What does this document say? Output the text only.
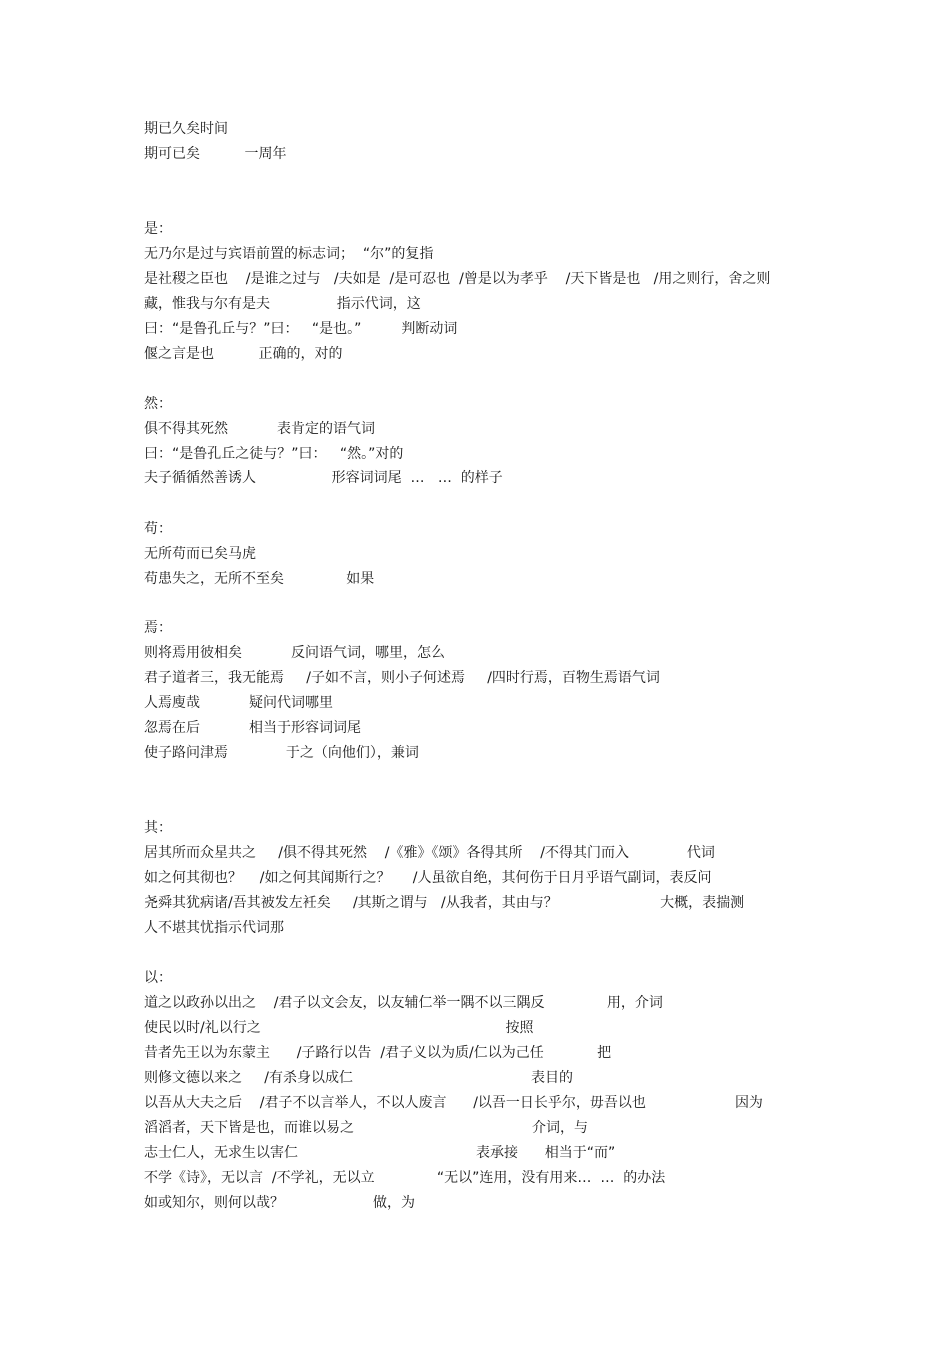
期已久矣时间
期可已矣          一周年
是：
无乃尔是过与宾语前置的标志词；  “尔”的复指
是社稷之臣也    /是谁之过与   /夫如是  /是可忍也  /曾是以为孝乎    /天下皆是也   /用之则行，舍之则
藏，惟我与尔有是夫               指示代词，这
曰：“是鲁孔丘与？”曰：   “是也。”         判断动词
偃之言是也          正确的，对的
然：
俱不得其死然           表肯定的语气词
曰：“是鲁孔丘之徒与？”曰：   “然。”对的
夫子循循然善诱人                 形容词词尾  …   …  的样子
苟：
无所苟而已矣马虎
苟患失之，无所不至矣              如果
焉：
则将焉用彼相矣           反问语气词，哪里，怎么
君子道者三，我无能焉     /子如不言，则小子何述焉     /四时行焉，百物生焉语气词
人焉廋哉           疑问代词哪里
忽焉在后           相当于形容词词尾
使子路问津焉             于之（向他们），兼词
其：
居其所而众星共之     /俱不得其死然    /《雅》《颂》各得其所    /不得其门而入             代词
如之何其彻也？    /如之何其闻斯行之？     /人虽欲自绝，其何伤于日月乎语气副词，表反问
尧舜其犹病诸/吾其被发左衽矣     /其斯之谓与   /从我者，其由与？                       大概，表揣测
人不堪其忧指示代词那
以：
道之以政孙以出之    /君子以文会友，以友辅仁举一隅不以三隅反              用，介词
使民以时/礼以行之                                                       按照
昔者先王以为东蒙主      /子路行以告  /君子义以为质/仁以为己任            把
则修文德以来之     /有杀身以成仁                                        表目的
以吾从大夫之后    /君子不以言举人，不以人废言      /以吾一日长乎尔，毋吾以也                    因为
滔滔者，天下皆是也，而谁以易之                                        介词，与
志士仁人，无求生以害仁                                        表承接      相当于“而”
不学《诗》，无以言  /不学礼，无以立              “无以”连用，没有用来…  …  的办法
如或知尔，则何以哉？                    做，为
